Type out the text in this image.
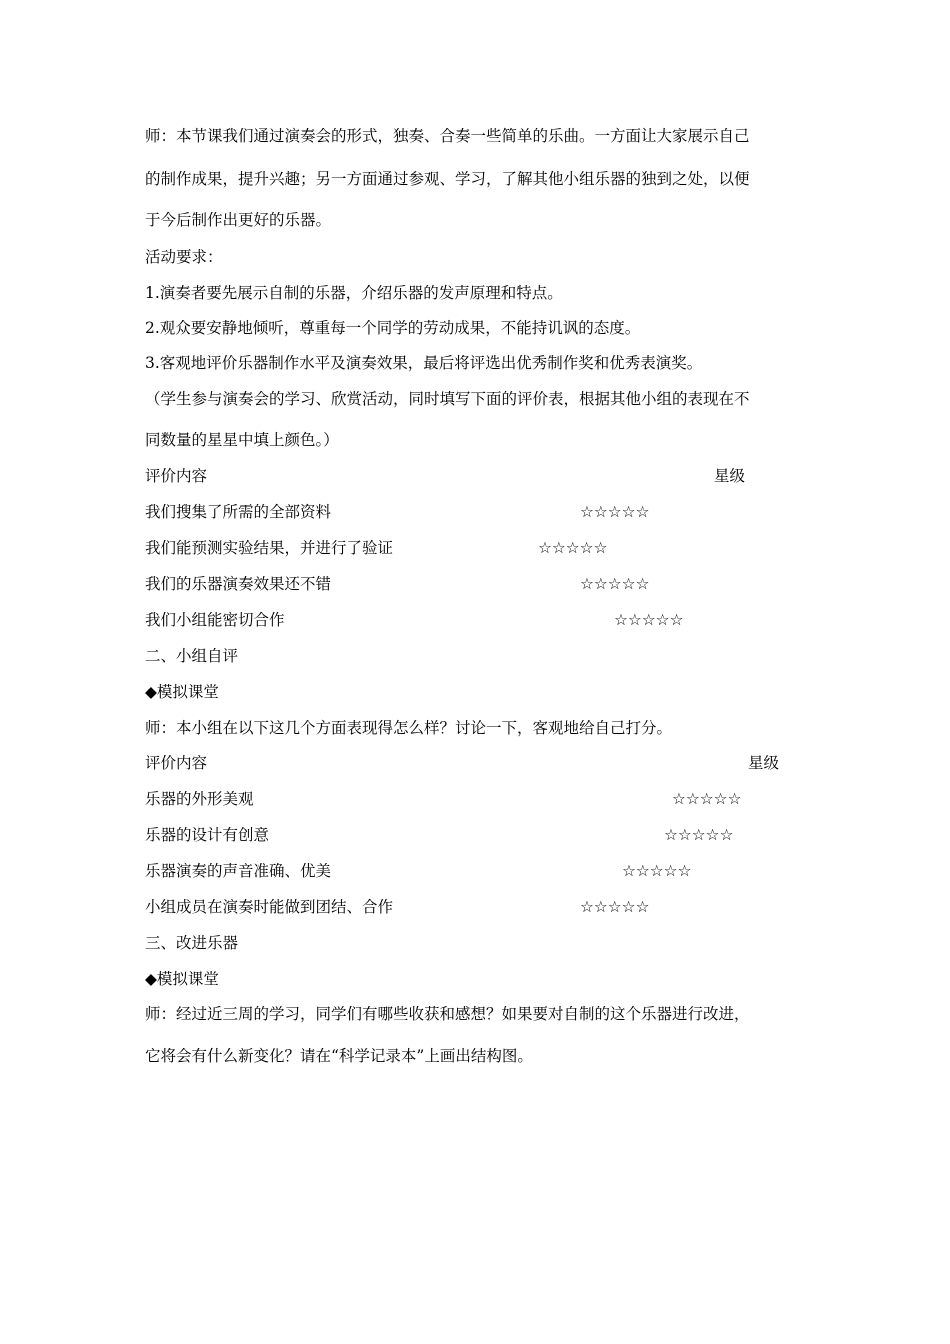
师：本节课我们通过演奏会的形式，独奏、合奏一些简单的乐曲。一方面让大家展示自己
的制作成果，提升兴趣；另一方面通过参观、学习，了解其他小组乐器的独到之处，以便
于今后制作出更好的乐器。
活动要求：
1.演奏者要先展示自制的乐器，介绍乐器的发声原理和特点。
2.观众要安静地倾听，尊重每一个同学的劳动成果，不能持讥讽的态度。
3.客观地评价乐器制作水平及演奏效果，最后将评选出优秀制作奖和优秀表演奖。
（学生参与演奏会的学习、欣赏活动，同时填写下面的评价表，根据其他小组的表现在不
同数量的星星中填上颜色。）
评价内容	星级
我们搜集了所需的全部资料	☆☆☆☆☆
我们能预测实验结果，并进行了验证	☆☆☆☆☆
我们的乐器演奏效果还不错	☆☆☆☆☆
我们小组能密切合作	☆☆☆☆☆
二、小组自评
◆模拟课堂
师：本小组在以下这几个方面表现得怎么样？讨论一下，客观地给自己打分。
评价内容	星级
乐器的外形美观	☆☆☆☆☆
乐器的设计有创意	☆☆☆☆☆
乐器演奏的声音准确、优美	☆☆☆☆☆
小组成员在演奏时能做到团结、合作	☆☆☆☆☆
三、改进乐器
◆模拟课堂
师：经过近三周的学习，同学们有哪些收获和感想？如果要对自制的这个乐器进行改进，
它将会有什么新变化？请在“科学记录本”上画出结构图。
